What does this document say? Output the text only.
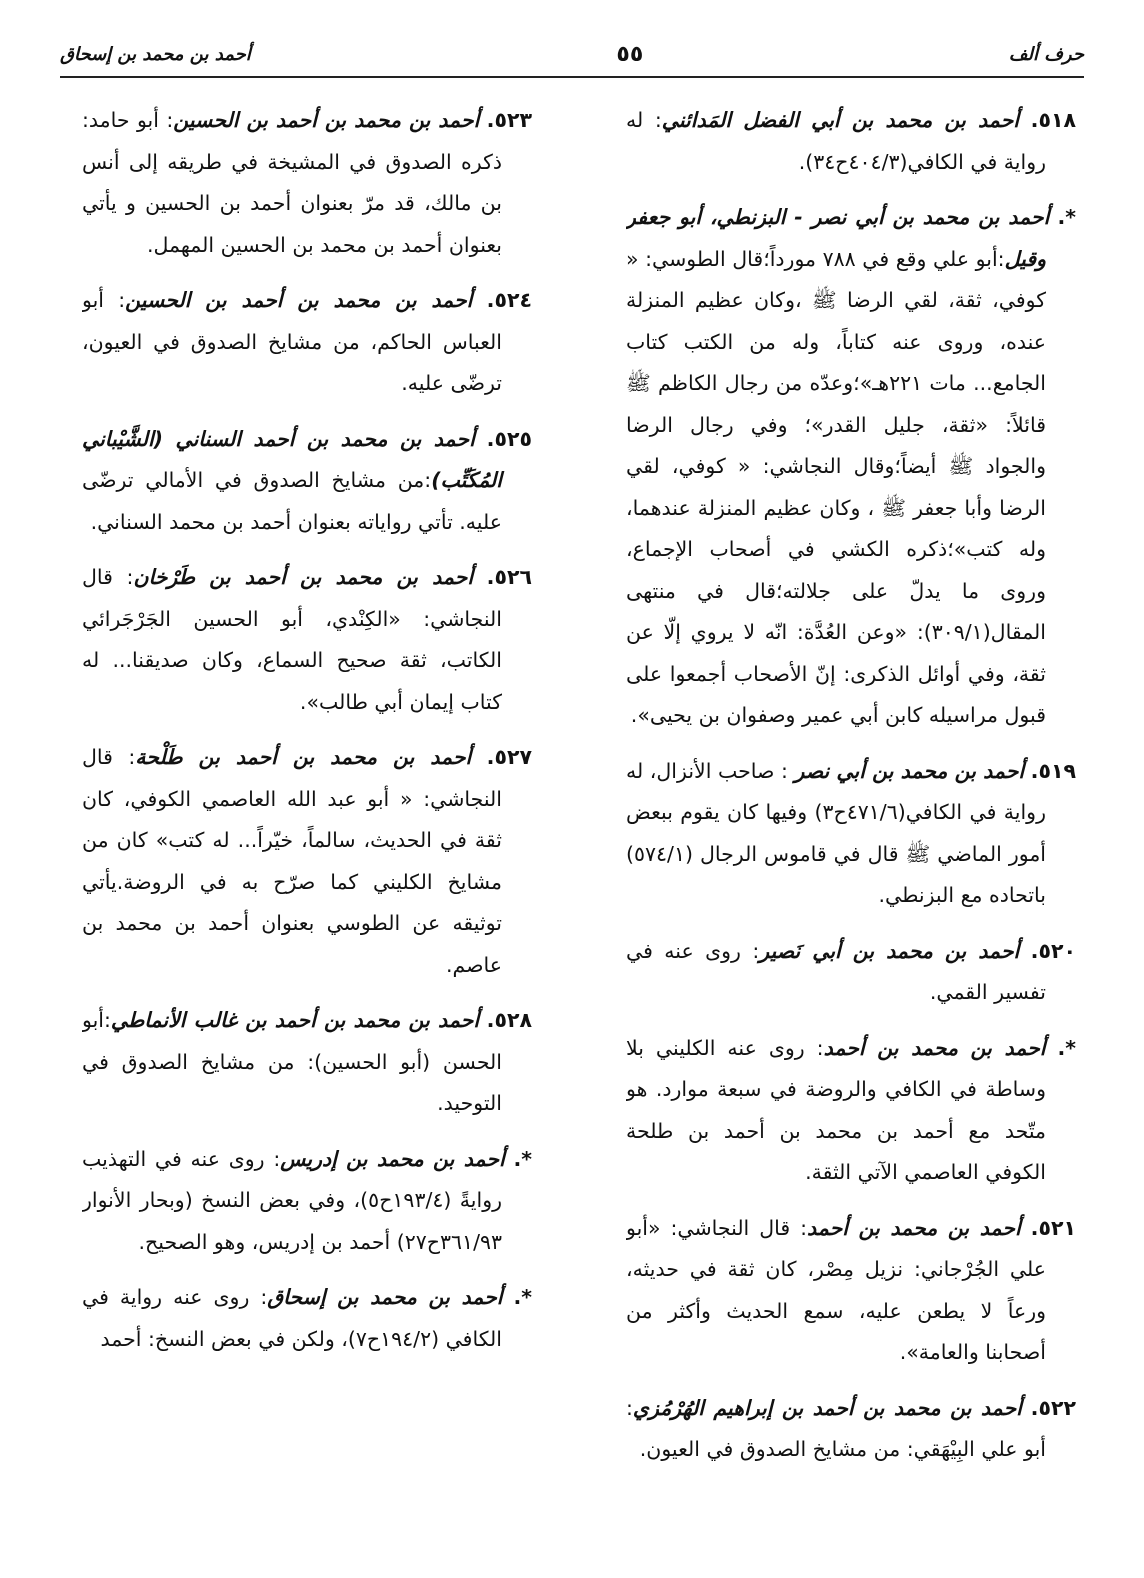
حرف ألف
٥٥
أحمد بن محمد بن إسحاق

٥١٨. أحمد بن محمد بن أبي الفضل المَدائني: له رواية في الكافي(٤٠٤/٣ح٣٤).

*. أحمد بن محمد بن أبي نصر - البزنطي، أبو جعفر وقيل:أبو علي وقع في ٧٨٨ مورداً؛قال الطوسي: « كوفي، ثقة، لقي الرضا ﷺ ،وكان عظيم المنزلة عنده، وروى عنه كتاباً، وله من الكتب كتاب الجامع... مات ٢٢١هـ»؛وعدّه من رجال الكاظم ﷺ قائلاً: «ثقة، جليل القدر»؛ وفي رجال الرضا والجواد ﷺ أيضاً؛وقال النجاشي: « كوفي، لقي الرضا وأبا جعفر ﷺ ، وكان عظيم المنزلة عندهما، وله كتب»؛ذكره الكشي في أصحاب الإجماع، وروى ما يدلّ على جلالته؛قال في منتهى المقال(٣٠٩/١): «وعن العُدَّة: انّه لا يروي إلّا عن ثقة، وفي أوائل الذكرى: إنّ الأصحاب أجمعوا على قبول مراسيله كابن أبي عمير وصفوان بن يحيى».

٥١٩. أحمد بن محمد بن أبي نصر : صاحب الأنزال، له رواية في الكافي(٤٧١/٦ح٣) وفيها كان يقوم ببعض أمور الماضي ﷺ قال في قاموس الرجال (٥٧٤/١) باتحاده مع البزنطي.

٥٢٠. أحمد بن محمد بن أبي نَصير: روى عنه في تفسير القمي.

*. أحمد بن محمد بن أحمد: روى عنه الكليني بلا وساطة في الكافي والروضة في سبعة موارد. هو متّحد مع أحمد بن محمد بن أحمد بن طلحة الكوفي العاصمي الآتي الثقة.

٥٢١. أحمد بن محمد بن أحمد: قال النجاشي: «أبو علي الجُرْجاني: نزيل مِصْر، كان ثقة في حديثه، ورعاً لا يطعن عليه، سمع الحديث وأكثر من أصحابنا والعامة».

٥٢٢. أحمد بن محمد بن أحمد بن إبراهيم الهُرْمُزي: أبو علي البِيْهَقي: من مشايخ الصدوق في العيون.

٥٢٣. أحمد بن محمد بن أحمد بن الحسين: أبو حامد: ذكره الصدوق في المشيخة في طريقه إلى أنس بن مالك، قد مرّ بعنوان أحمد بن الحسين و يأتي بعنوان أحمد بن محمد بن الحسين المهمل.

٥٢٤. أحمد بن محمد بن أحمد بن الحسين: أبو العباس الحاكم، من مشايخ الصدوق في العيون، ترضّى عليه.

٥٢٥. أحمد بن محمد بن أحمد السناني (الشَّيْباني المُكَتِّب):من مشايخ الصدوق في الأمالي ترضّى عليه. تأتي رواياته بعنوان أحمد بن محمد السناني.

٥٢٦. أحمد بن محمد بن أحمد بن طَرْخان: قال النجاشي: «الكِنْدي، أبو الحسين الجَرْجَرائي الكاتب، ثقة صحيح السماع، وكان صديقنا... له كتاب إيمان أبي طالب».

٥٢٧. أحمد بن محمد بن أحمد بن طَلْحة: قال النجاشي: « أبو عبد الله العاصمي الكوفي، كان ثقة في الحديث، سالماً، خيّراً... له كتب» كان من مشايخ الكليني كما صرّح به في الروضة.يأتي توثيقه عن الطوسي بعنوان أحمد بن محمد بن عاصم.

٥٢٨. أحمد بن محمد بن أحمد بن غالب الأنماطي:أبو الحسن (أبو الحسين): من مشايخ الصدوق في التوحيد.

*. أحمد بن محمد بن إدريس: روى عنه في التهذيب روايةً (١٩٣/٤ح٥)، وفي بعض النسخ (وبحار الأنوار ٣٦١/٩٣ح٢٧) أحمد بن إدريس، وهو الصحيح.

*. أحمد بن محمد بن إسحاق: روى عنه رواية في الكافي (١٩٤/٢ح٧)، ولكن في بعض النسخ: أحمد
